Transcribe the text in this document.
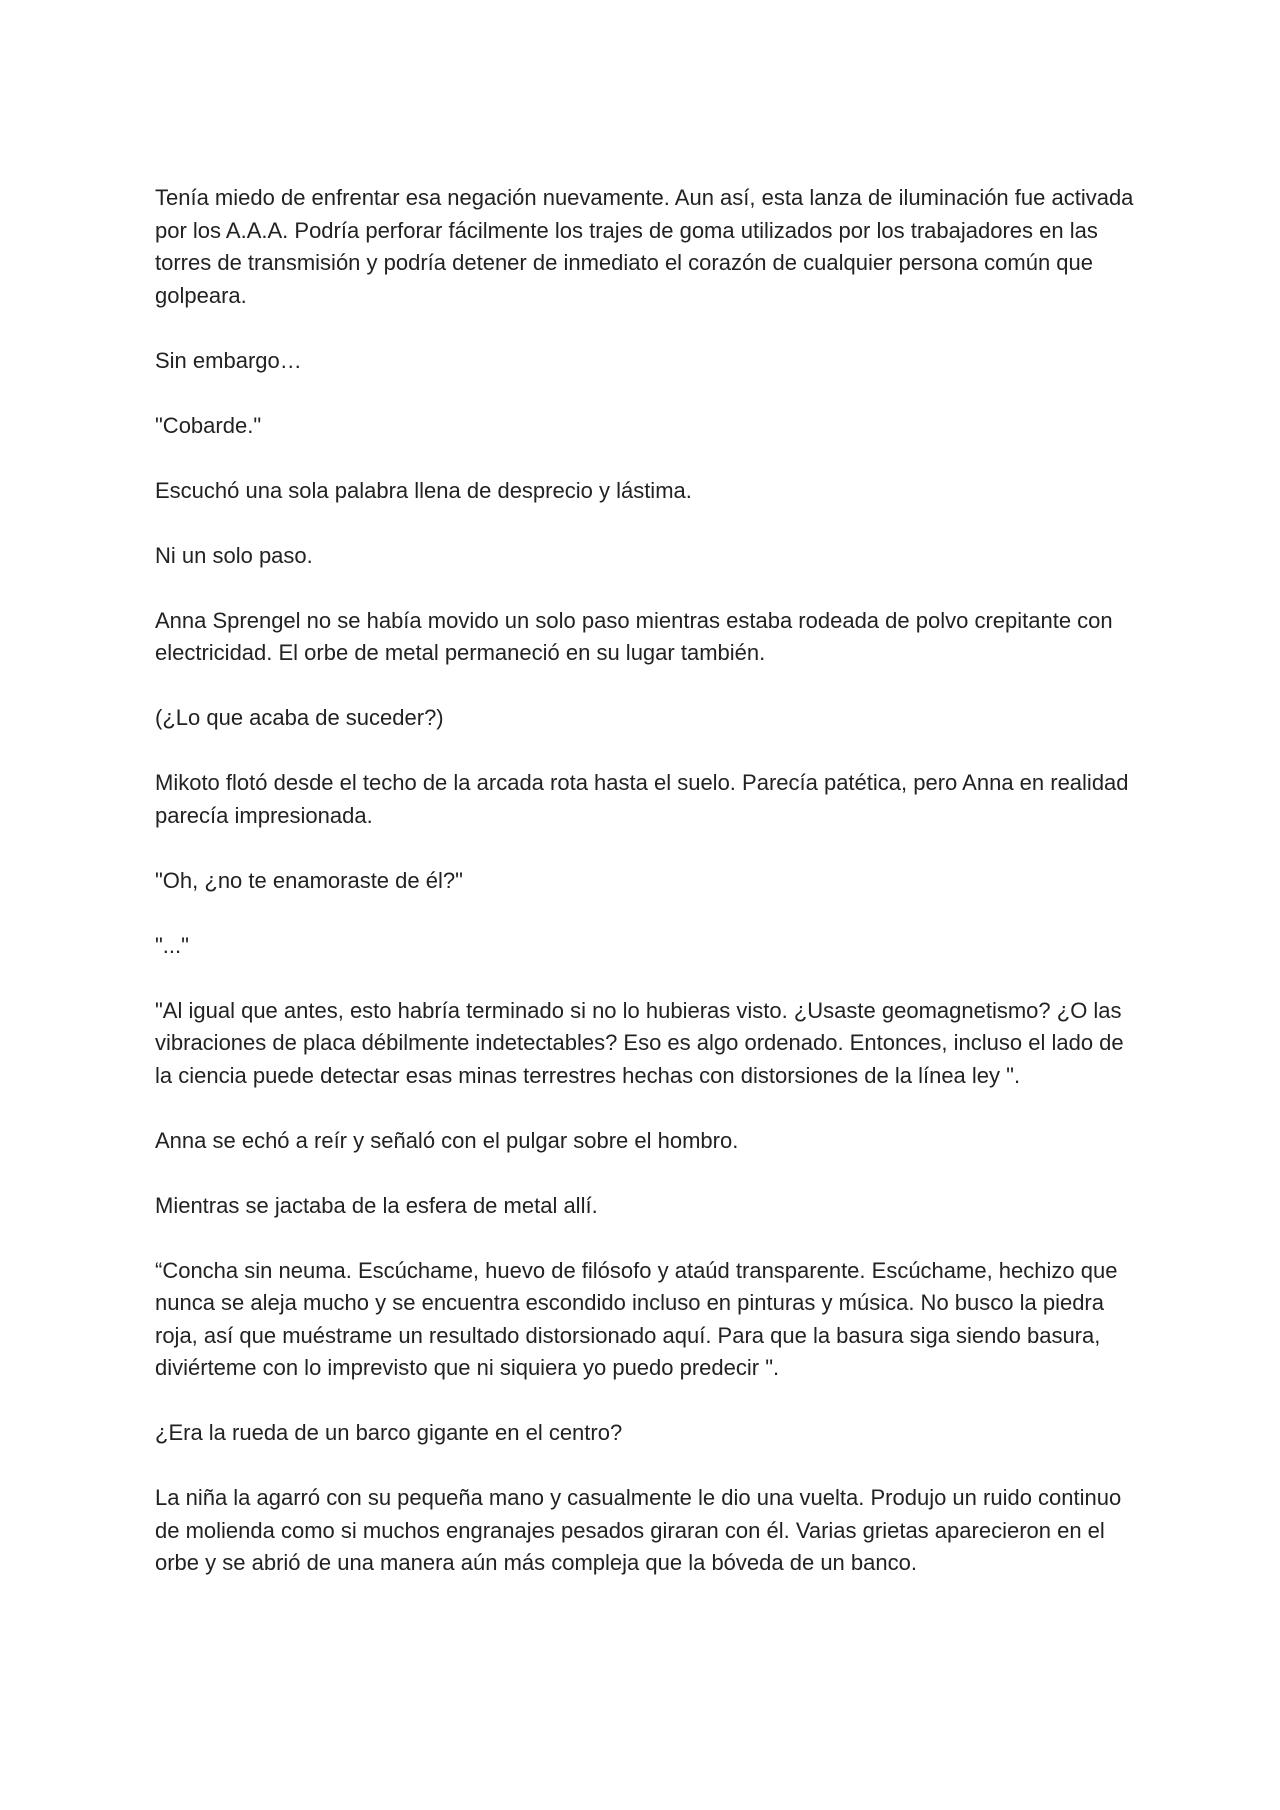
Tenía miedo de enfrentar esa negación nuevamente. Aun así, esta lanza de iluminación fue activada por los A.A.A. Podría perforar fácilmente los trajes de goma utilizados por los trabajadores en las torres de transmisión y podría detener de inmediato el corazón de cualquier persona común que golpeara.

Sin embargo…

"Cobarde."

Escuchó una sola palabra llena de desprecio y lástima.

Ni un solo paso.

Anna Sprengel no se había movido un solo paso mientras estaba rodeada de polvo crepitante con electricidad. El orbe de metal permaneció en su lugar también.

(¿Lo que acaba de suceder?)

Mikoto flotó desde el techo de la arcada rota hasta el suelo. Parecía patética, pero Anna en realidad parecía impresionada.

"Oh, ¿no te enamoraste de él?"

"..."

"Al igual que antes, esto habría terminado si no lo hubieras visto. ¿Usaste geomagnetismo? ¿O las vibraciones de placa débilmente indetectables? Eso es algo ordenado. Entonces, incluso el lado de la ciencia puede detectar esas minas terrestres hechas con distorsiones de la línea ley ".

Anna se echó a reír y señaló con el pulgar sobre el hombro.

Mientras se jactaba de la esfera de metal allí.

“Concha sin neuma. Escúchame, huevo de filósofo y ataúd transparente. Escúchame, hechizo que nunca se aleja mucho y se encuentra escondido incluso en pinturas y música. No busco la piedra roja, así que muéstrame un resultado distorsionado aquí. Para que la basura siga siendo basura, diviérteme con lo imprevisto que ni siquiera yo puedo predecir ".

¿Era la rueda de un barco gigante en el centro?

La niña la agarró con su pequeña mano y casualmente le dio una vuelta. Produjo un ruido continuo de molienda como si muchos engranajes pesados giraran con él. Varias grietas aparecieron en el orbe y se abrió de una manera aún más compleja que la bóveda de un banco.
